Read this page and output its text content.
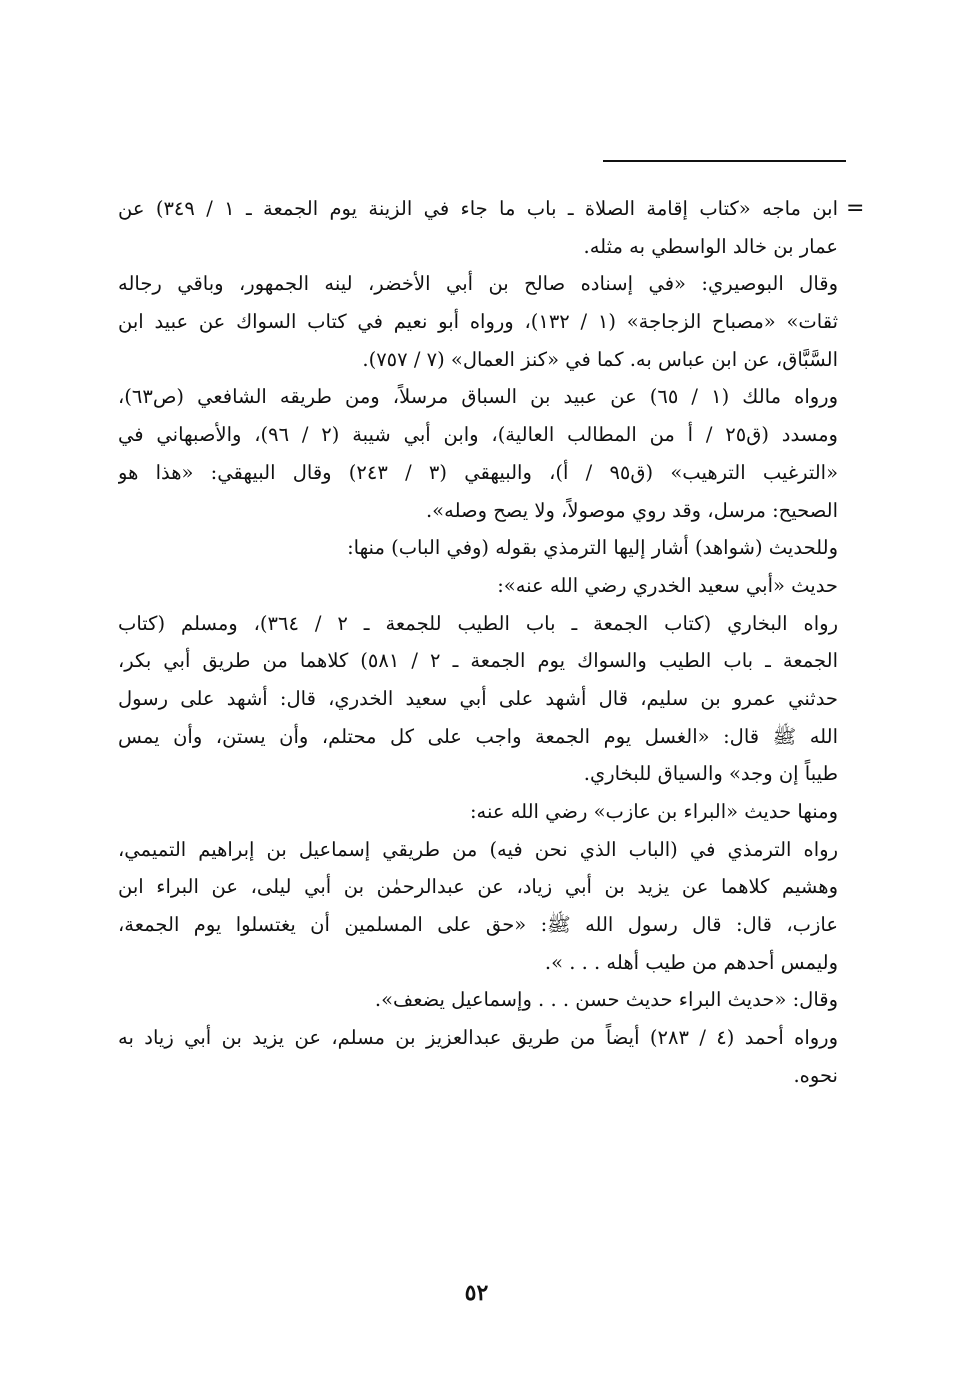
=
ابن ماجه «كتاب إقامة الصلاة ـ باب ما جاء في الزينة يوم الجمعة ـ ١ / ٣٤٩) عن
عمار بن خالد الواسطي به مثله.
وقال البوصيري: «في إسناده صالح بن أبي الأخضر، لينه الجمهور، وباقي رجاله
ثقات» «مصباح الزجاجة» (١ / ١٣٢)، ورواه أبو نعيم في كتاب السواك عن عبيد ابن
السَّبَّاق، عن ابن عباس به. كما في «كنز العمال» (٧ / ٧٥٧).
ورواه مالك (١ / ٦٥) عن عبيد بن السباق مرسلاً، ومن طريقه الشافعي (ص٦٣)،
ومسدد (ق٢٥ / أ من المطالب العالية)، وابن أبي شيبة (٢ / ٩٦)، والأصبهاني في
«الترغيب الترهيب» (ق٩٥ / أ)، والبيهقي (٣ / ٢٤٣) وقال البيهقي: «هذا هو
الصحيح: مرسل، وقد روي موصولاً، ولا يصح وصله».
وللحديث (شواهد) أشار إليها الترمذي بقوله (وفي الباب) منها:
حديث «أبي سعيد الخدري رضي الله عنه»:
رواه البخاري (كتاب الجمعة ـ باب الطيب للجمعة ـ ٢ / ٣٦٤)، ومسلم (كتاب
الجمعة ـ باب الطيب والسواك يوم الجمعة ـ ٢ / ٥٨١) كلاهما من طريق أبي بكر،
حدثني عمرو بن سليم، قال أشهد على أبي سعيد الخدري، قال: أشهد على رسول
الله ﷺ قال: «الغسل يوم الجمعة واجب على كل محتلم، وأن يستن، وأن يمس
طيباً إن وجد» والسياق للبخاري.
ومنها حديث «البراء بن عازب» رضي الله عنه:
رواه الترمذي في (الباب الذي نحن فيه) من طريقي إسماعيل بن إبراهيم التميمي،
وهشيم كلاهما عن يزيد بن أبي زياد، عن عبدالرحمٰن بن أبي ليلى، عن البراء ابن
عازب، قال: قال رسول الله ﷺ: «حق على المسلمين أن يغتسلوا يوم الجمعة،
وليمس أحدهم من طيب أهله . . . ».
وقال: «حديث البراء حديث حسن . . . وإسماعيل يضعف».
ورواه أحمد (٤ / ٢٨٣) أيضاً من طريق عبدالعزيز بن مسلم، عن يزيد بن أبي زياد به
نحوه.
٥٢
